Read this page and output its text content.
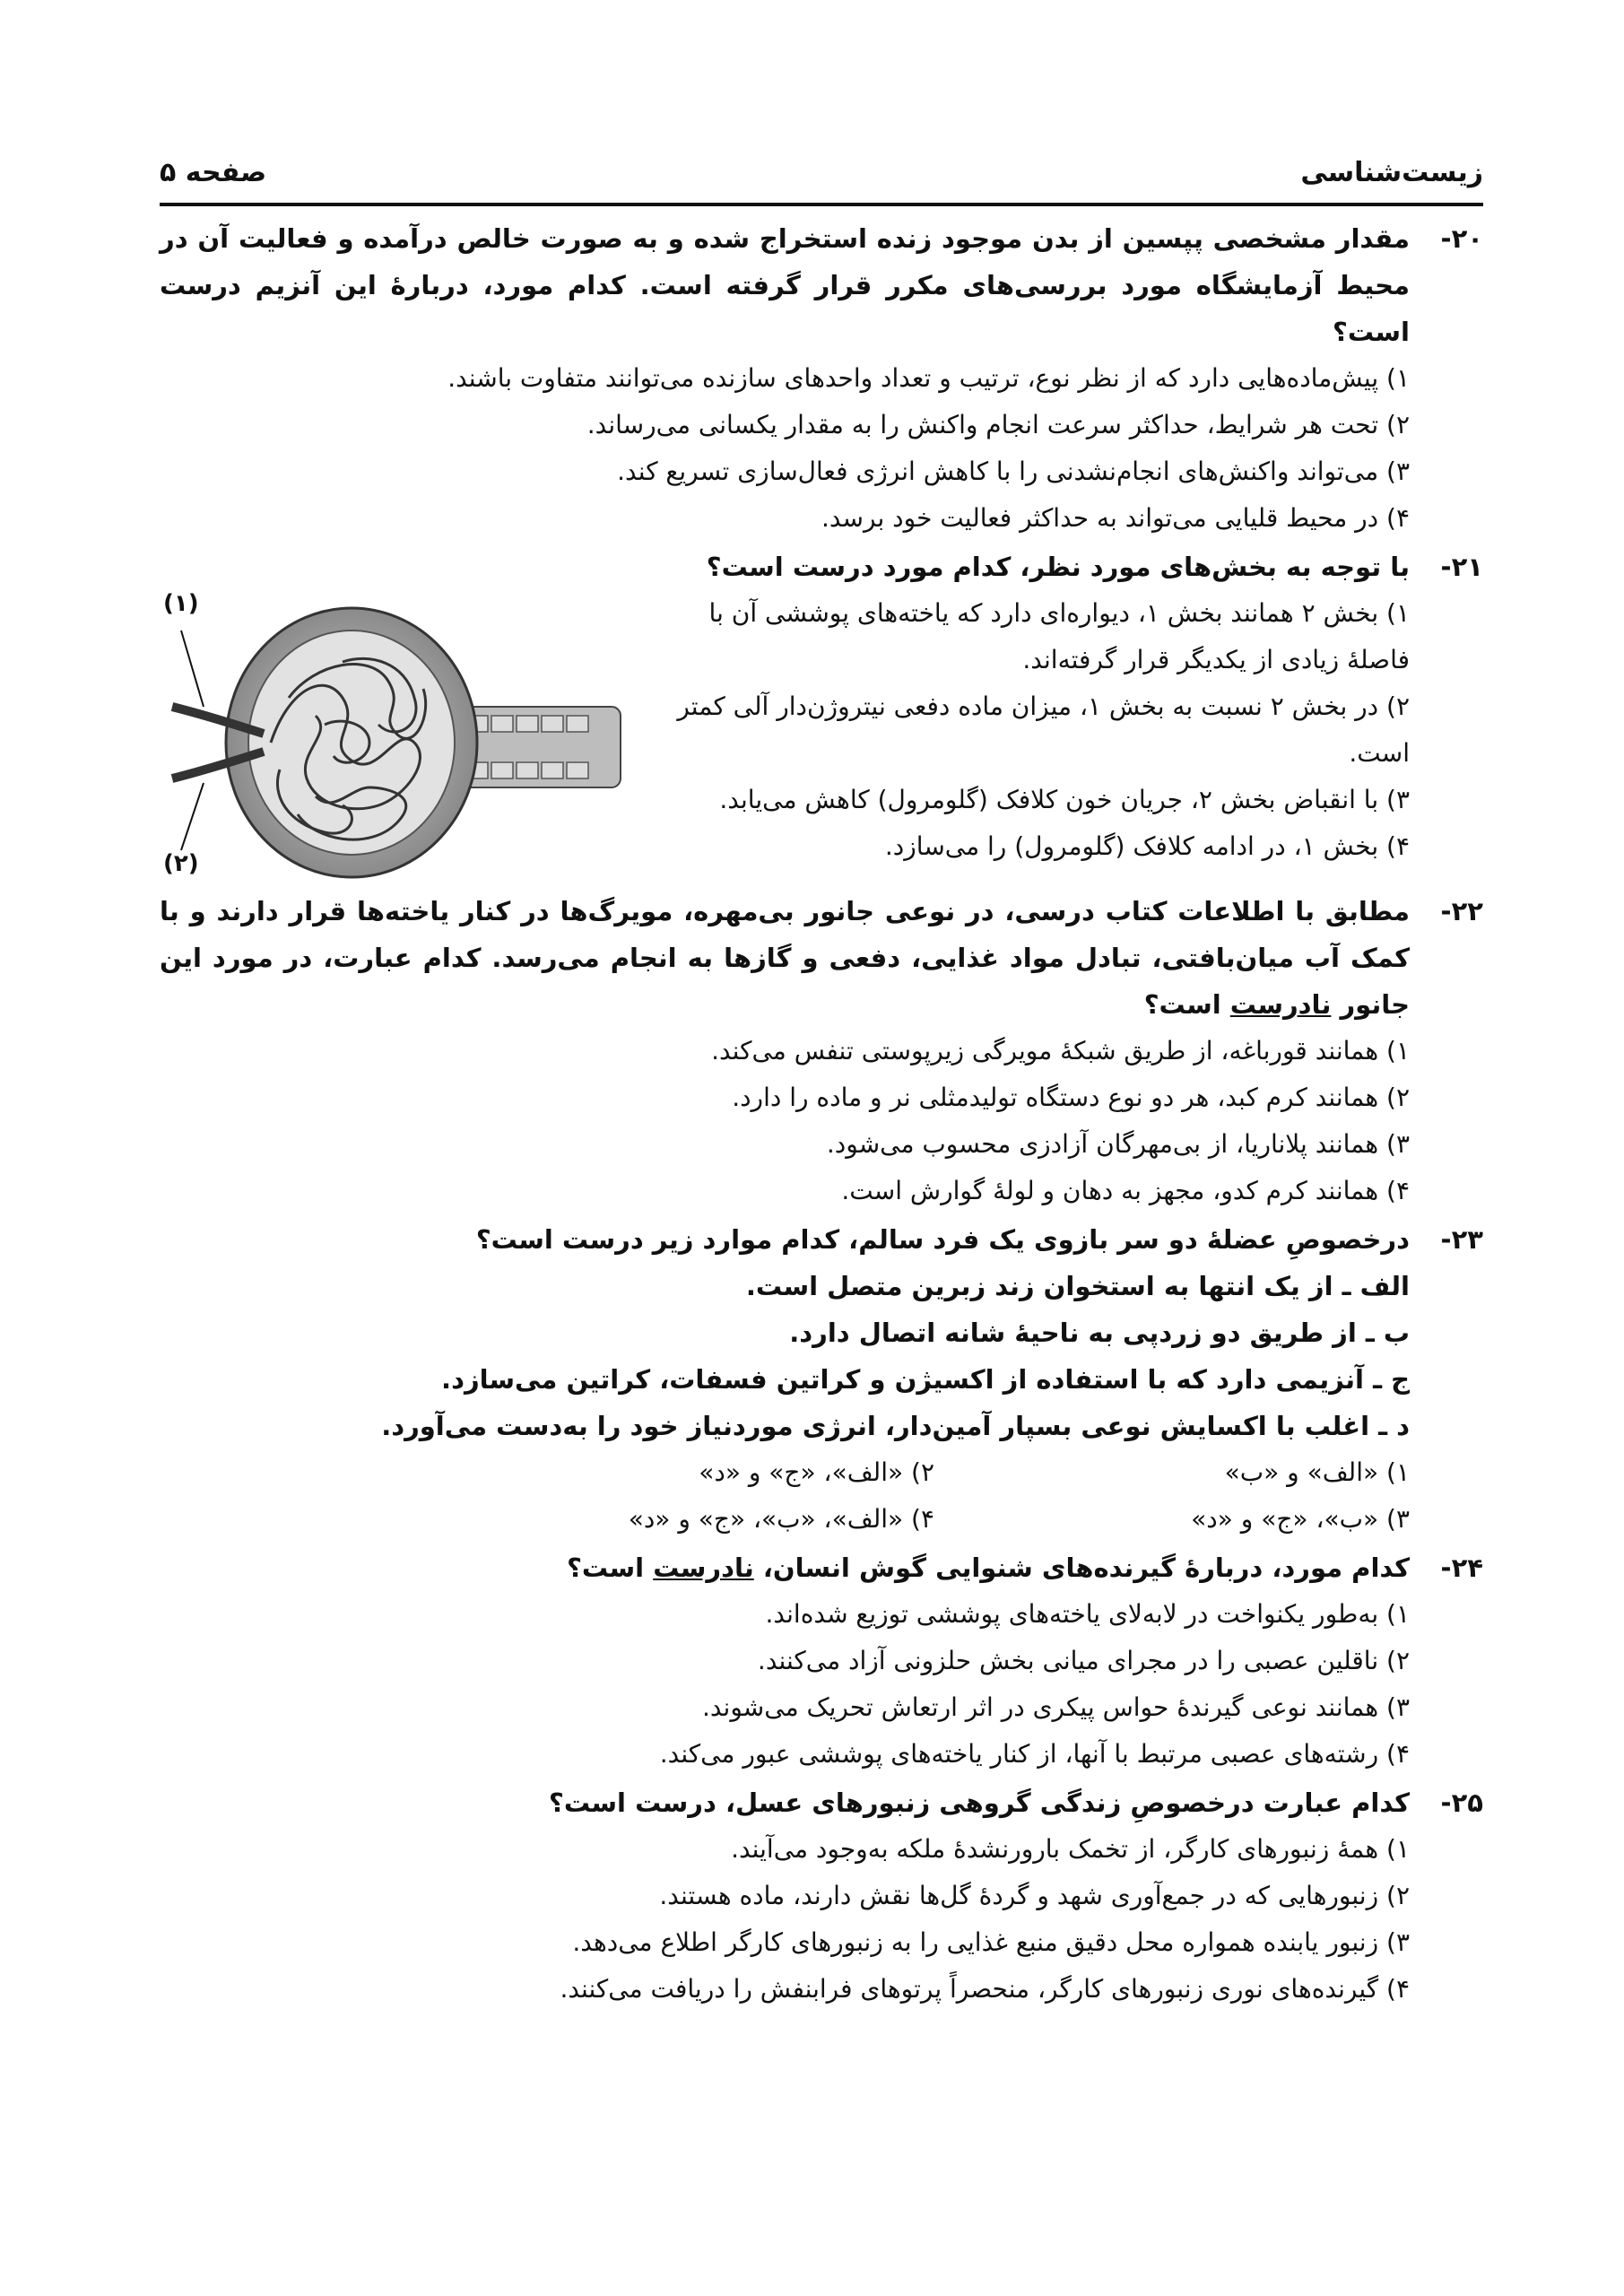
زیست‌شناسی
صفحه ۵
۲۰-
مقدار مشخصی پپسین از بدن موجود زنده استخراج شده و به صورت خالص درآمده و فعالیت آن در محیط آزمایشگاه مورد بررسی‌های مکرر قرار گرفته است. کدام مورد، دربارهٔ این آنزیم درست است؟
۱) پیش‌ماده‌هایی دارد که از نظر نوع، ترتیب و تعداد واحدهای سازنده می‌توانند متفاوت باشند.
۲) تحت هر شرایط، حداکثر سرعت انجام واکنش را به مقدار یکسانی می‌رساند.
۳) می‌تواند واکنش‌های انجام‌نشدنی را با کاهش انرژی فعال‌سازی تسریع کند.
۴) در محیط قلیایی می‌تواند به حداکثر فعالیت خود برسد.
۲۱-
با توجه به بخش‌های مورد نظر، کدام مورد درست است؟
۱) بخش ۲ همانند بخش ۱، دیواره‌ای دارد که یاخته‌های پوششی آن با فاصلهٔ زیادی از یکدیگر قرار گرفته‌اند.
۲) در بخش ۲ نسبت به بخش ۱، میزان ماده دفعی نیتروژن‌دار آلی کمتر است.
۳) با انقباض بخش ۲، جریان خون کلافک (گلومرول) کاهش می‌یابد.
۴) بخش ۱، در ادامه کلافک (گلومرول) را می‌سازد.
(۱)
(۲)
۲۲-
مطابق با اطلاعات کتاب درسی، در نوعی جانور بی‌مهره، مویرگ‌ها در کنار یاخته‌ها قرار دارند و با کمک آب میان‌بافتی، تبادل مواد غذایی، دفعی و گازها به انجام می‌رسد. کدام عبارت، در مورد این جانور نادرست است؟
۱) همانند قورباغه، از طریق شبکهٔ مویرگی زیرپوستی تنفس می‌کند.
۲) همانند کرم کبد، هر دو نوع دستگاه تولیدمثلی نر و ماده را دارد.
۳) همانند پلاناریا، از بی‌مهرگان آزادزی محسوب می‌شود.
۴) همانند کرم کدو، مجهز به دهان و لولهٔ گوارش است.
۲۳-
درخصوصِ عضلهٔ دو سر بازوی یک فرد سالم، کدام موارد زیر درست است؟
الف ـ از یک انتها به استخوان زند زبرین متصل است.
ب ـ از طریق دو زردپی به ناحیهٔ شانه اتصال دارد.
ج ـ آنزیمی دارد که با استفاده از اکسیژن و کراتین فسفات، کراتین می‌سازد.
د ـ اغلب با اکسایش نوعی بسپار آمین‌دار، انرژی موردنیاز خود را به‌دست می‌آورد.
۱) «الف» و «ب»
۲) «الف»، «ج» و «د»
۳) «ب»، «ج» و «د»
۴) «الف»، «ب»، «ج» و «د»
۲۴-
کدام مورد، دربارهٔ گیرنده‌های شنوایی گوش انسان، نادرست است؟
۱) به‌طور یکنواخت در لابه‌لای یاخته‌های پوششی توزیع شده‌اند.
۲) ناقلین عصبی را در مجرای میانی بخش حلزونی آزاد می‌کنند.
۳) همانند نوعی گیرندهٔ حواس پیکری در اثر ارتعاش تحریک می‌شوند.
۴) رشته‌های عصبی مرتبط با آنها، از کنار یاخته‌های پوششی عبور می‌کند.
۲۵-
کدام عبارت درخصوصِ زندگی گروهی زنبورهای عسل، درست است؟
۱) همهٔ زنبورهای کارگر، از تخمک بارورنشدهٔ ملکه به‌وجود می‌آیند.
۲) زنبورهایی که در جمع‌آوری شهد و گردهٔ گل‌ها نقش دارند، ماده هستند.
۳) زنبور یابنده همواره محل دقیق منبع غذایی را به زنبورهای کارگر اطلاع می‌دهد.
۴) گیرنده‌های نوری زنبورهای کارگر، منحصراً پرتوهای فرابنفش را دریافت می‌کنند.
